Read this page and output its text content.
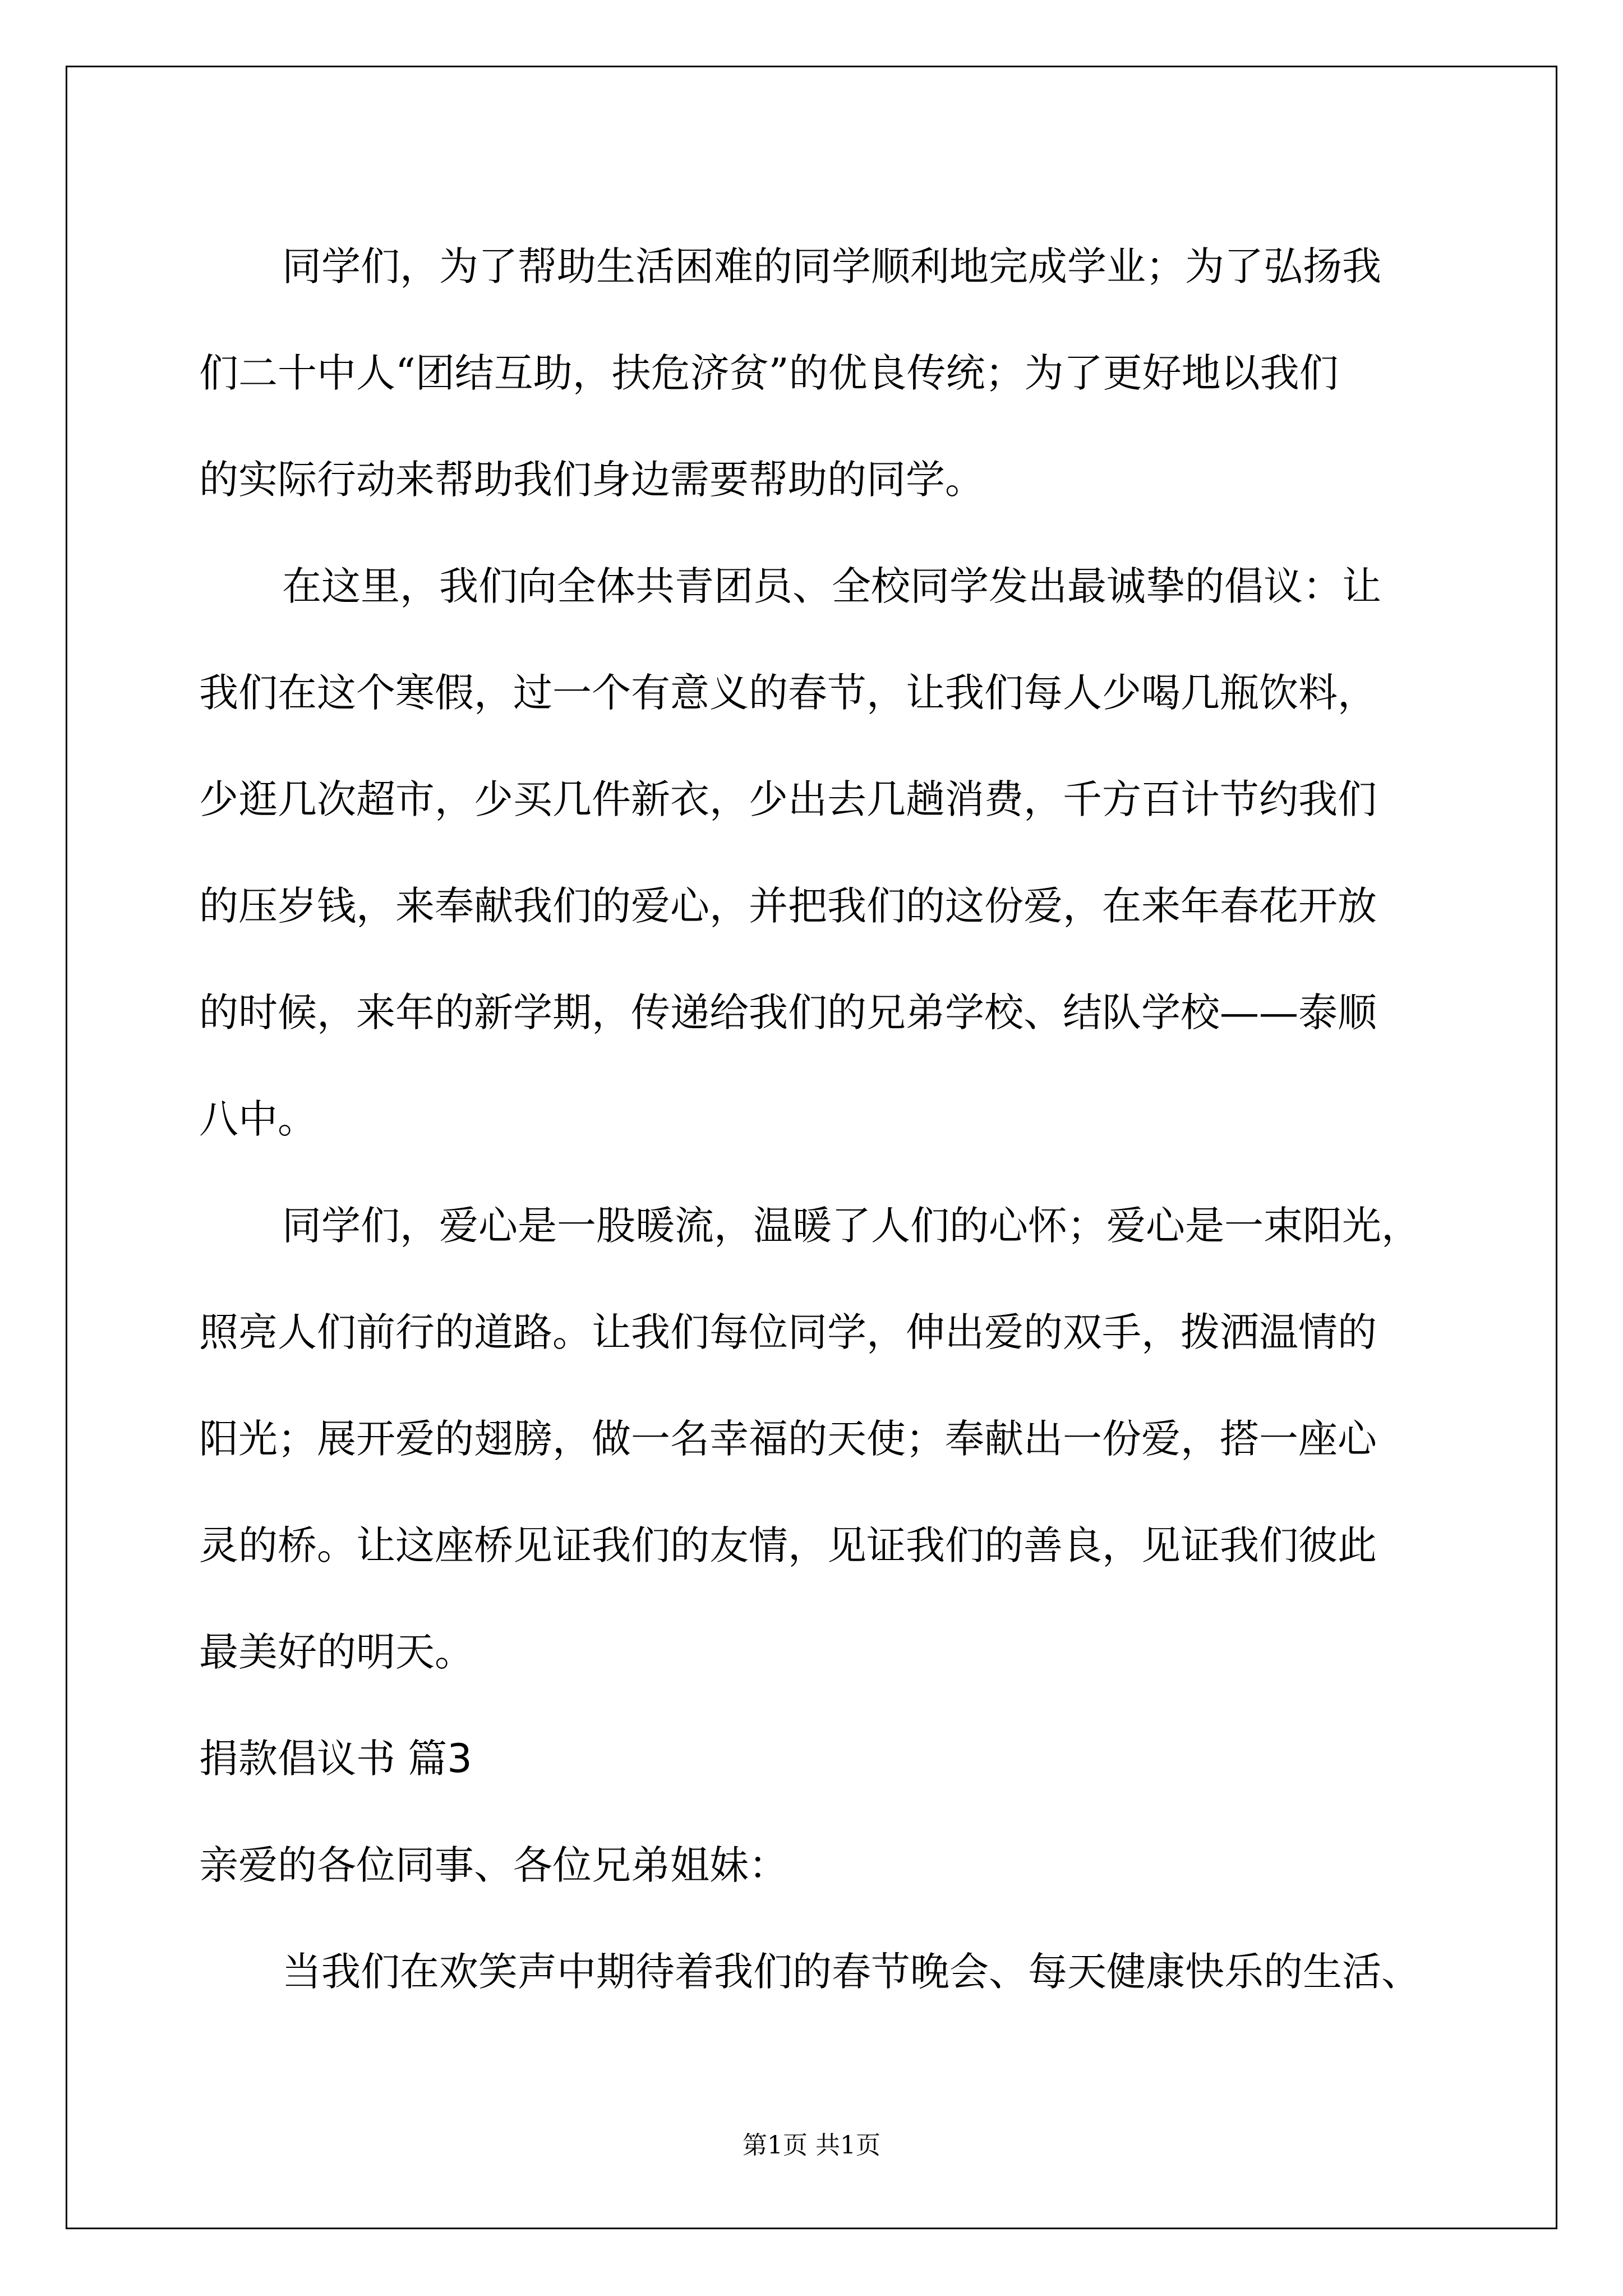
同学们，为了帮助生活困难的同学顺利地完成学业；为了弘扬我
们二十中人“团结互助，扶危济贫”的优良传统；为了更好地以我们
的实际行动来帮助我们身边需要帮助的同学。
在这里，我们向全体共青团员、全校同学发出最诚挚的倡议：让
我们在这个寒假，过一个有意义的春节，让我们每人少喝几瓶饮料，
少逛几次超市，少买几件新衣，少出去几趟消费，千方百计节约我们
的压岁钱，来奉献我们的爱心，并把我们的这份爱，在来年春花开放
的时候，来年的新学期，传递给我们的兄弟学校、结队学校——泰顺
八中。
同学们，爱心是一股暖流，温暖了人们的心怀；爱心是一束阳光，
照亮人们前行的道路。让我们每位同学，伸出爱的双手，拨洒温情的
阳光；展开爱的翅膀，做一名幸福的天使；奉献出一份爱，搭一座心
灵的桥。让这座桥见证我们的友情，见证我们的善良，见证我们彼此
最美好的明天。
捐款倡议书 篇3
亲爱的各位同事、各位兄弟姐妹：
当我们在欢笑声中期待着我们的春节晚会、每天健康快乐的生活、
第1页 共1页
